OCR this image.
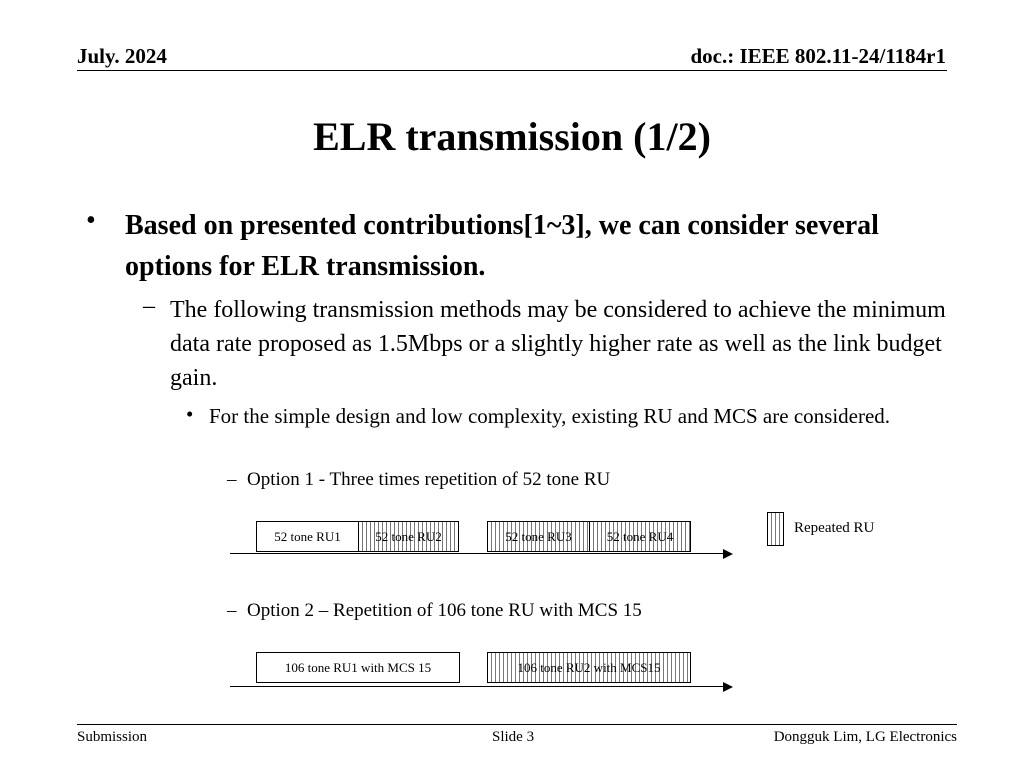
July. 2024	doc.: IEEE 802.11-24/1184r1
ELR transmission (1/2)
• Based on presented contributions[1~3], we can consider several options for ELR transmission.
– The following transmission methods may be considered to achieve the minimum data rate proposed as 1.5Mbps or a slightly higher rate as well as the link budget gain.
• For the simple design and low complexity, existing RU and MCS are considered.
– Option 1 - Three times repetition of 52 tone RU
52 tone RU1	52 tone RU2	52 tone RU3	52 tone RU4	Repeated RU
– Option 2 – Repetition of 106 tone RU with MCS 15
106 tone RU1 with MCS 15	106 tone RU2 with MCS15
Submission	Slide 3	Dongguk Lim, LG Electronics
